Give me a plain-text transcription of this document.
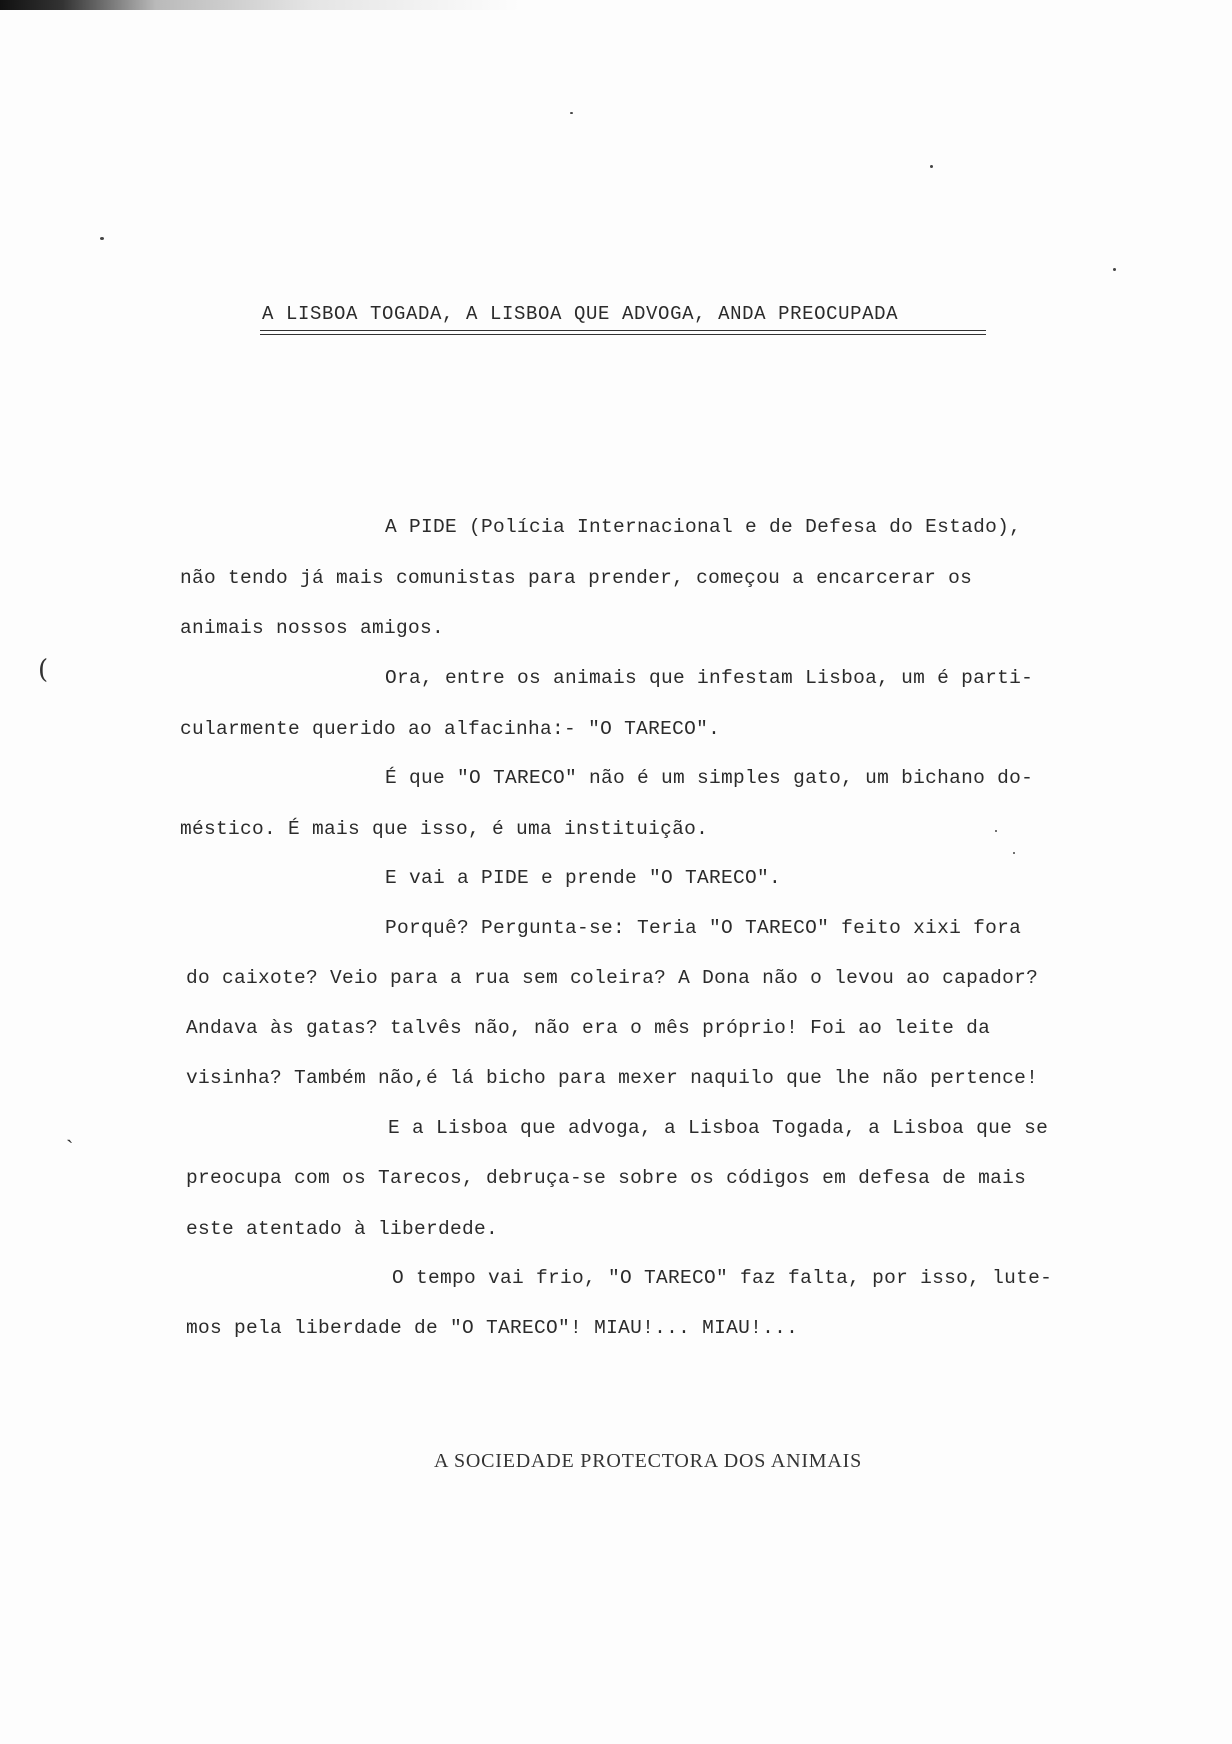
(
ˎ
A LISBOA TOGADA, A LISBOA QUE ADVOGA, ANDA PREOCUPADA
A PIDE (Polícia Internacional e de Defesa do Estado),
não tendo já mais comunistas para prender, começou a encarcerar os
animais nossos amigos.
Ora, entre os animais que infestam Lisboa, um é parti-
cularmente querido ao alfacinha:- "O TARECO".
É que "O TARECO" não é um simples gato, um bichano do-
méstico. É mais que isso, é uma instituição.
E vai a PIDE e prende "O TARECO".
Porquê? Pergunta-se: Teria "O TARECO" feito xixi fora
do caixote? Veio para a rua sem coleira? A Dona não o levou ao capador?
Andava às gatas? talvês não, não era o mês próprio! Foi ao leite da
visinha? Também não,é lá bicho para mexer naquilo que lhe não pertence!
E a Lisboa que advoga, a Lisboa Togada, a Lisboa que se
preocupa com os Tarecos, debruça-se sobre os códigos em defesa de mais
este atentado à liberdede.
O tempo vai frio, "O TARECO" faz falta, por isso, lute-
mos pela liberdade de "O TARECO"! MIAU!... MIAU!...
A SOCIEDADE PROTECTORA DOS ANIMAIS
